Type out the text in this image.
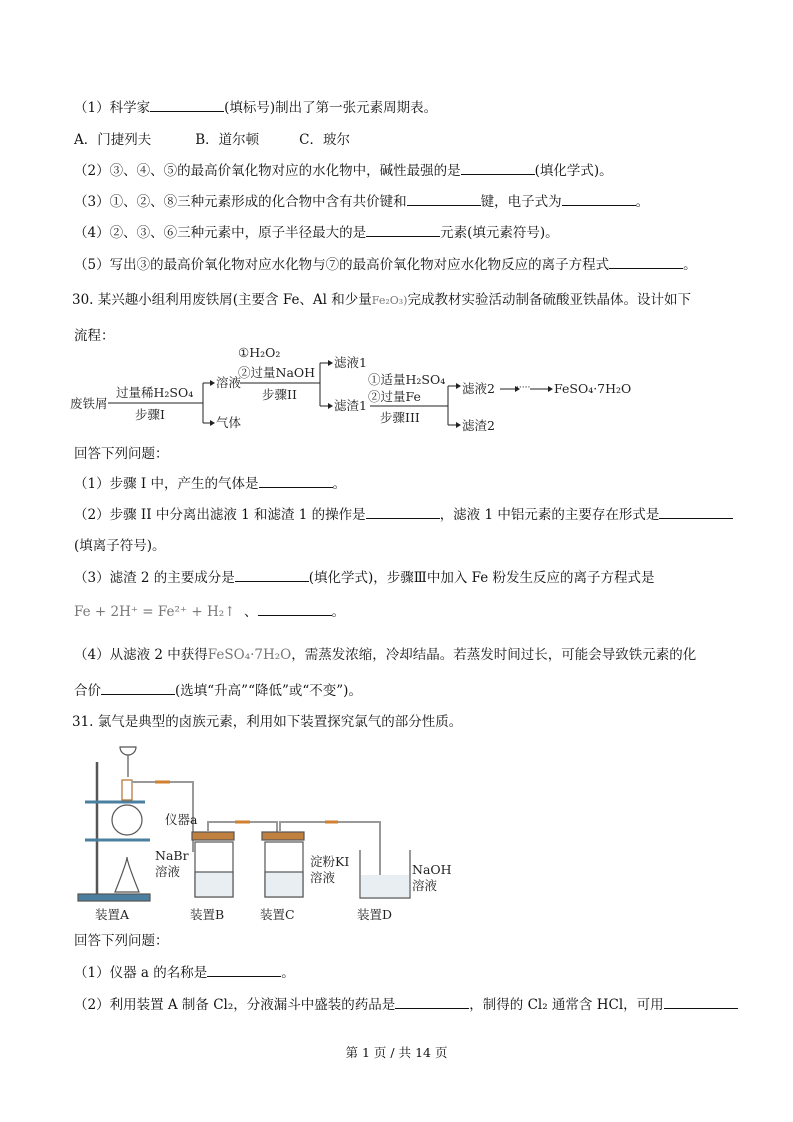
（1）科学家	(填标号)制出了第一张元素周期表。
A．门捷列夫	B．道尔顿	C．玻尔
（2）③、④、⑤的最高价氧化物对应的水化物中，碱性最强的是	(填化学式)。
（3）①、②、⑧三种元素形成的化合物中含有共价键和	键，电子式为	。
（4）②、③、⑥三种元素中，原子半径最大的是	元素(填元素符号)。
（5）写出③的最高价氧化物对应水化物与⑦的最高价氧化物对应水化物反应的离子方程式	。
30. 某兴趣小组利用废铁屑(主要含 Fe、Al 和少量Fe₂O₃)完成教材实验活动制备硫酸亚铁晶体。设计如下
流程：
废铁屑
过量稀H₂SO₄
步骤I
溶液
气体
①H₂O₂
②过量NaOH
步骤II
滤液1
滤渣1
①适量H₂SO₄
②过量Fe
步骤III
滤液2 ····· FeSO₄·7H₂O
滤渣2
回答下列问题：
（1）步骤 I 中，产生的气体是	。
（2）步骤 II 中分离出滤液 1 和滤渣 1 的操作是	，滤液 1 中铝元素的主要存在形式是
(填离子符号)。
（3）滤渣 2 的主要成分是	(填化学式)，步骤Ⅲ中加入 Fe 粉发生反应的离子方程式是
Fe + 2H⁺ = Fe²⁺ + H₂↑ 、	。
（4）从滤液 2 中获得FeSO₄·7H₂O，需蒸发浓缩，冷却结晶。若蒸发时间过长，可能会导致铁元素的化
合价	(选填“升高”“降低”或“不变”)。
31. 氯气是典型的卤族元素，利用如下装置探究氯气的部分性质。
仪器a
NaBr
溶液
淀粉KI
溶液
NaOH
溶液
装置A	装置B	装置C	装置D
回答下列问题：
（1）仪器 a 的名称是	。
（2）利用装置 A 制备 Cl₂，分液漏斗中盛装的药品是	，制得的 Cl₂ 通常含 HCl，可用
第 1 页 / 共 14 页
